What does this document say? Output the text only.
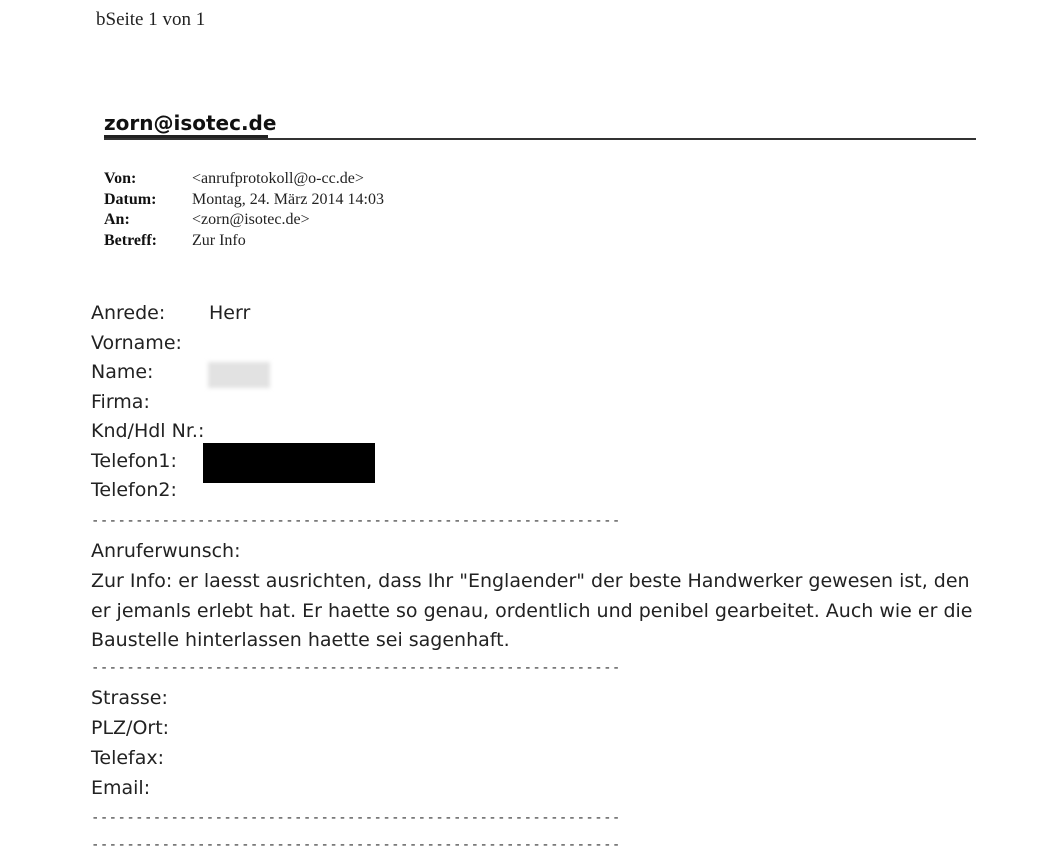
bSeite 1 von 1
zorn@isotec.de
Von:	<anrufprotokoll@o-cc.de>
Datum:	Montag, 24. März 2014 14:03
An:	<zorn@isotec.de>
Betreff:	Zur Info
Anrede: Herr
Vorname:
Name:
Firma:
Knd/Hdl Nr.:
Telefon1:
Telefon2:
------------------------------------------------------------
Anruferwunsch:
Zur Info: er laesst ausrichten, dass Ihr "Englaender" der beste Handwerker gewesen ist, den
er jemanls erlebt hat. Er haette so genau, ordentlich und penibel gearbeitet. Auch wie er die
Baustelle hinterlassen haette sei sagenhaft.
------------------------------------------------------------
Strasse:
PLZ/Ort:
Telefax:
Email:
------------------------------------------------------------
------------------------------------------------------------
